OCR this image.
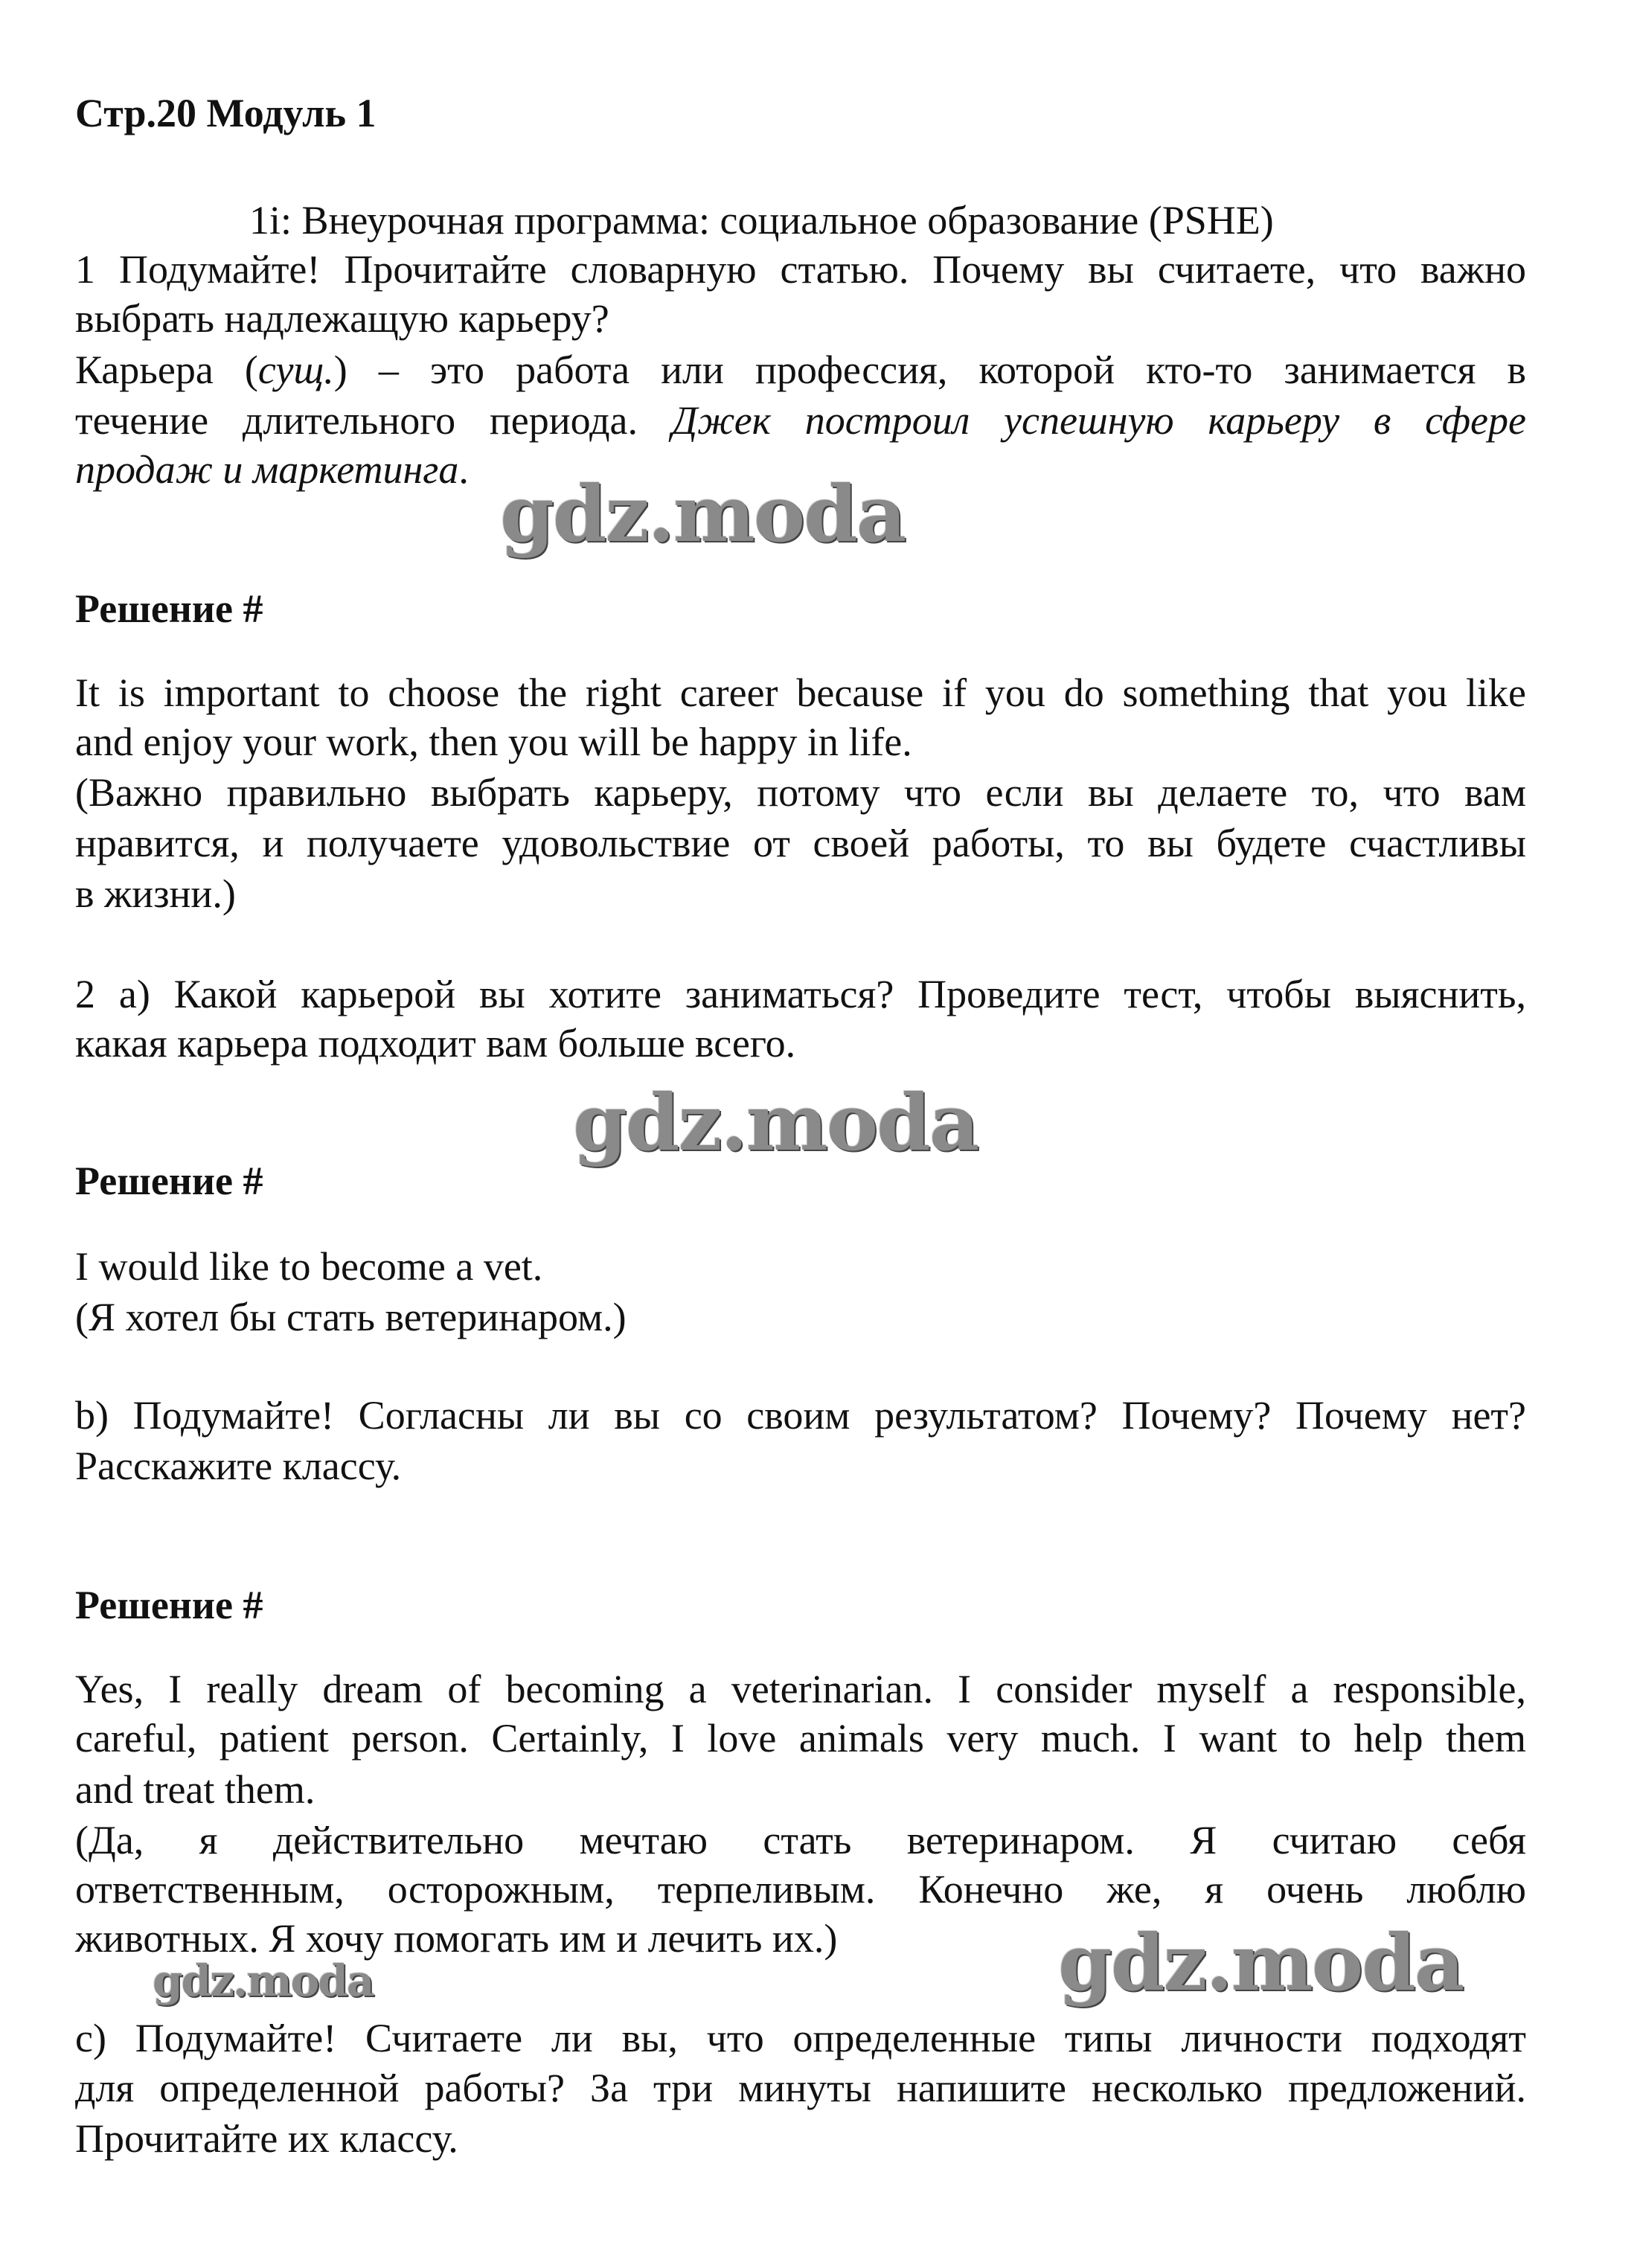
Стр.20 Модуль 1
1i: Внеурочная программа: социальное образование (PSHE)
1 Подумайте! Прочитайте словарную статью. Почему вы считаете, что важно
выбрать надлежащую карьеру?
Карьера (сущ.) – это работа или профессия, которой кто-то занимается в
течение длительного периода. Джек построил успешную карьеру в сфере
продаж и маркетинга. gdz.moda
Решение #
It is important to choose the right career because if you do something that you like
and enjoy your work, then you will be happy in life.
(Важно правильно выбрать карьеру, потому что если вы делаете то, что вам
нравится, и получаете удовольствие от своей работы, то вы будете счастливы
в жизни.)
2 а) Какой карьерой вы хотите заниматься? Проведите тест, чтобы выяснить,
какая карьера подходит вам больше всего.
gdz.moda
Решение #
I would like to become a vet.
(Я хотел бы стать ветеринаром.)
b) Подумайте! Согласны ли вы со своим результатом? Почему? Почему нет?
Расскажите классу.
Решение #
Yes, I really dream of becoming a veterinarian. I consider myself a responsible,
careful, patient person. Certainly, I love animals very much. I want to help them
and treat them.
(Да, я действительно мечтаю стать ветеринаром. Я считаю себя
ответственным, осторожным, терпеливым. Конечно же, я очень люблю
животных. Я хочу помогать им и лечить их.)
gdz.moda	gdz.moda
c) Подумайте! Считаете ли вы, что определенные типы личности подходят
для определенной работы? За три минуты напишите несколько предложений.
Прочитайте их классу.
